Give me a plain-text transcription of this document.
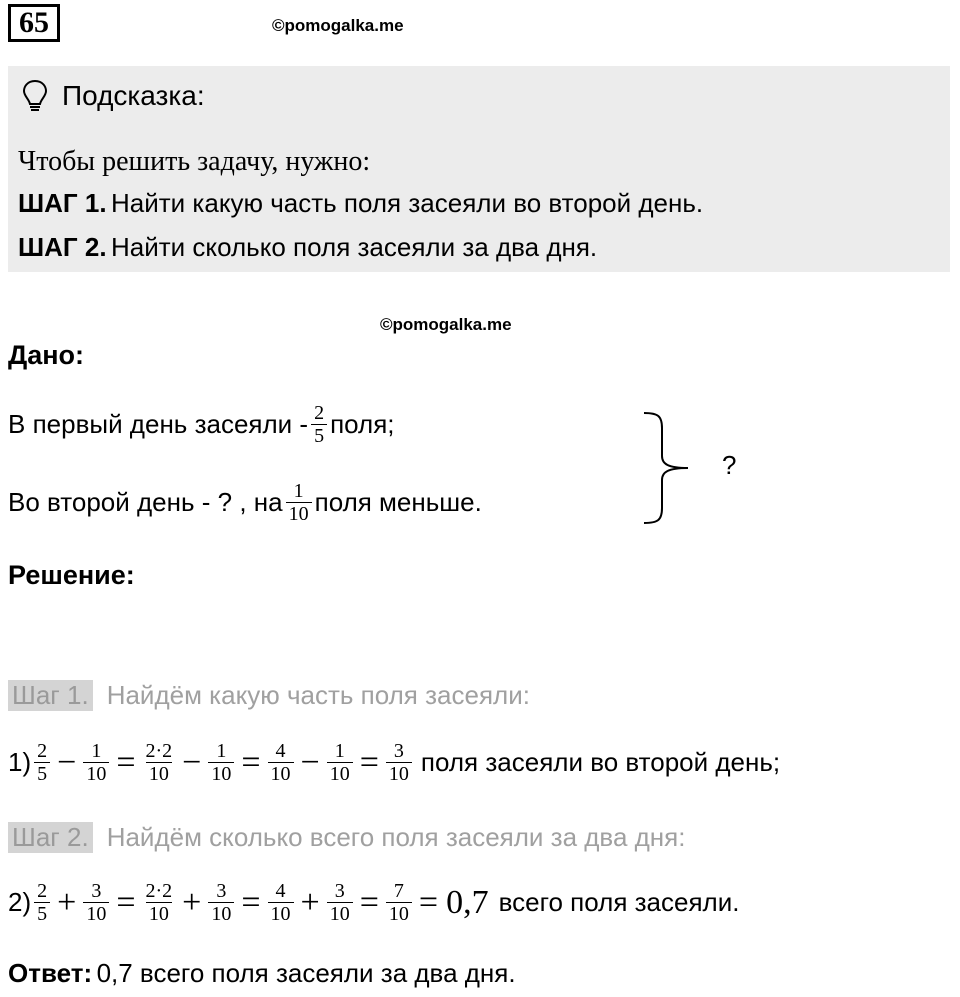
65	©pomogalka.me
Подсказка:
Чтобы решить задачу, нужно:
ШАГ 1.
Найти какую часть поля засеяли во второй день.
ШАГ 2.
Найти сколько поля засеяли за два дня.
©pomogalka.me
Дано:
В первый день засеяли - $\frac{2}{5}$ поля;
Во второй день - ? , на $\frac{1}{10}$ поля меньше.
?
Решение:
Шаг 1. Найдём какую часть поля засеяли:
$1) \frac{2}{5} - \frac{1}{10} = \frac{2\cdot 2}{10} - \frac{1}{10} = \frac{4}{10} - \frac{1}{10} = \frac{3}{10}$ поля засеяли во второй день;
Шаг 2. Найдём сколько всего поля засеяли за два дня:
$2) \frac{2}{5} + \frac{3}{10} = \frac{2\cdot 2}{10} + \frac{3}{10} = \frac{4}{10} + \frac{3}{10} = \frac{7}{10} = 0,7$ всего поля засеяли.
Ответ:
0,7 всего поля засеяли за два дня.
